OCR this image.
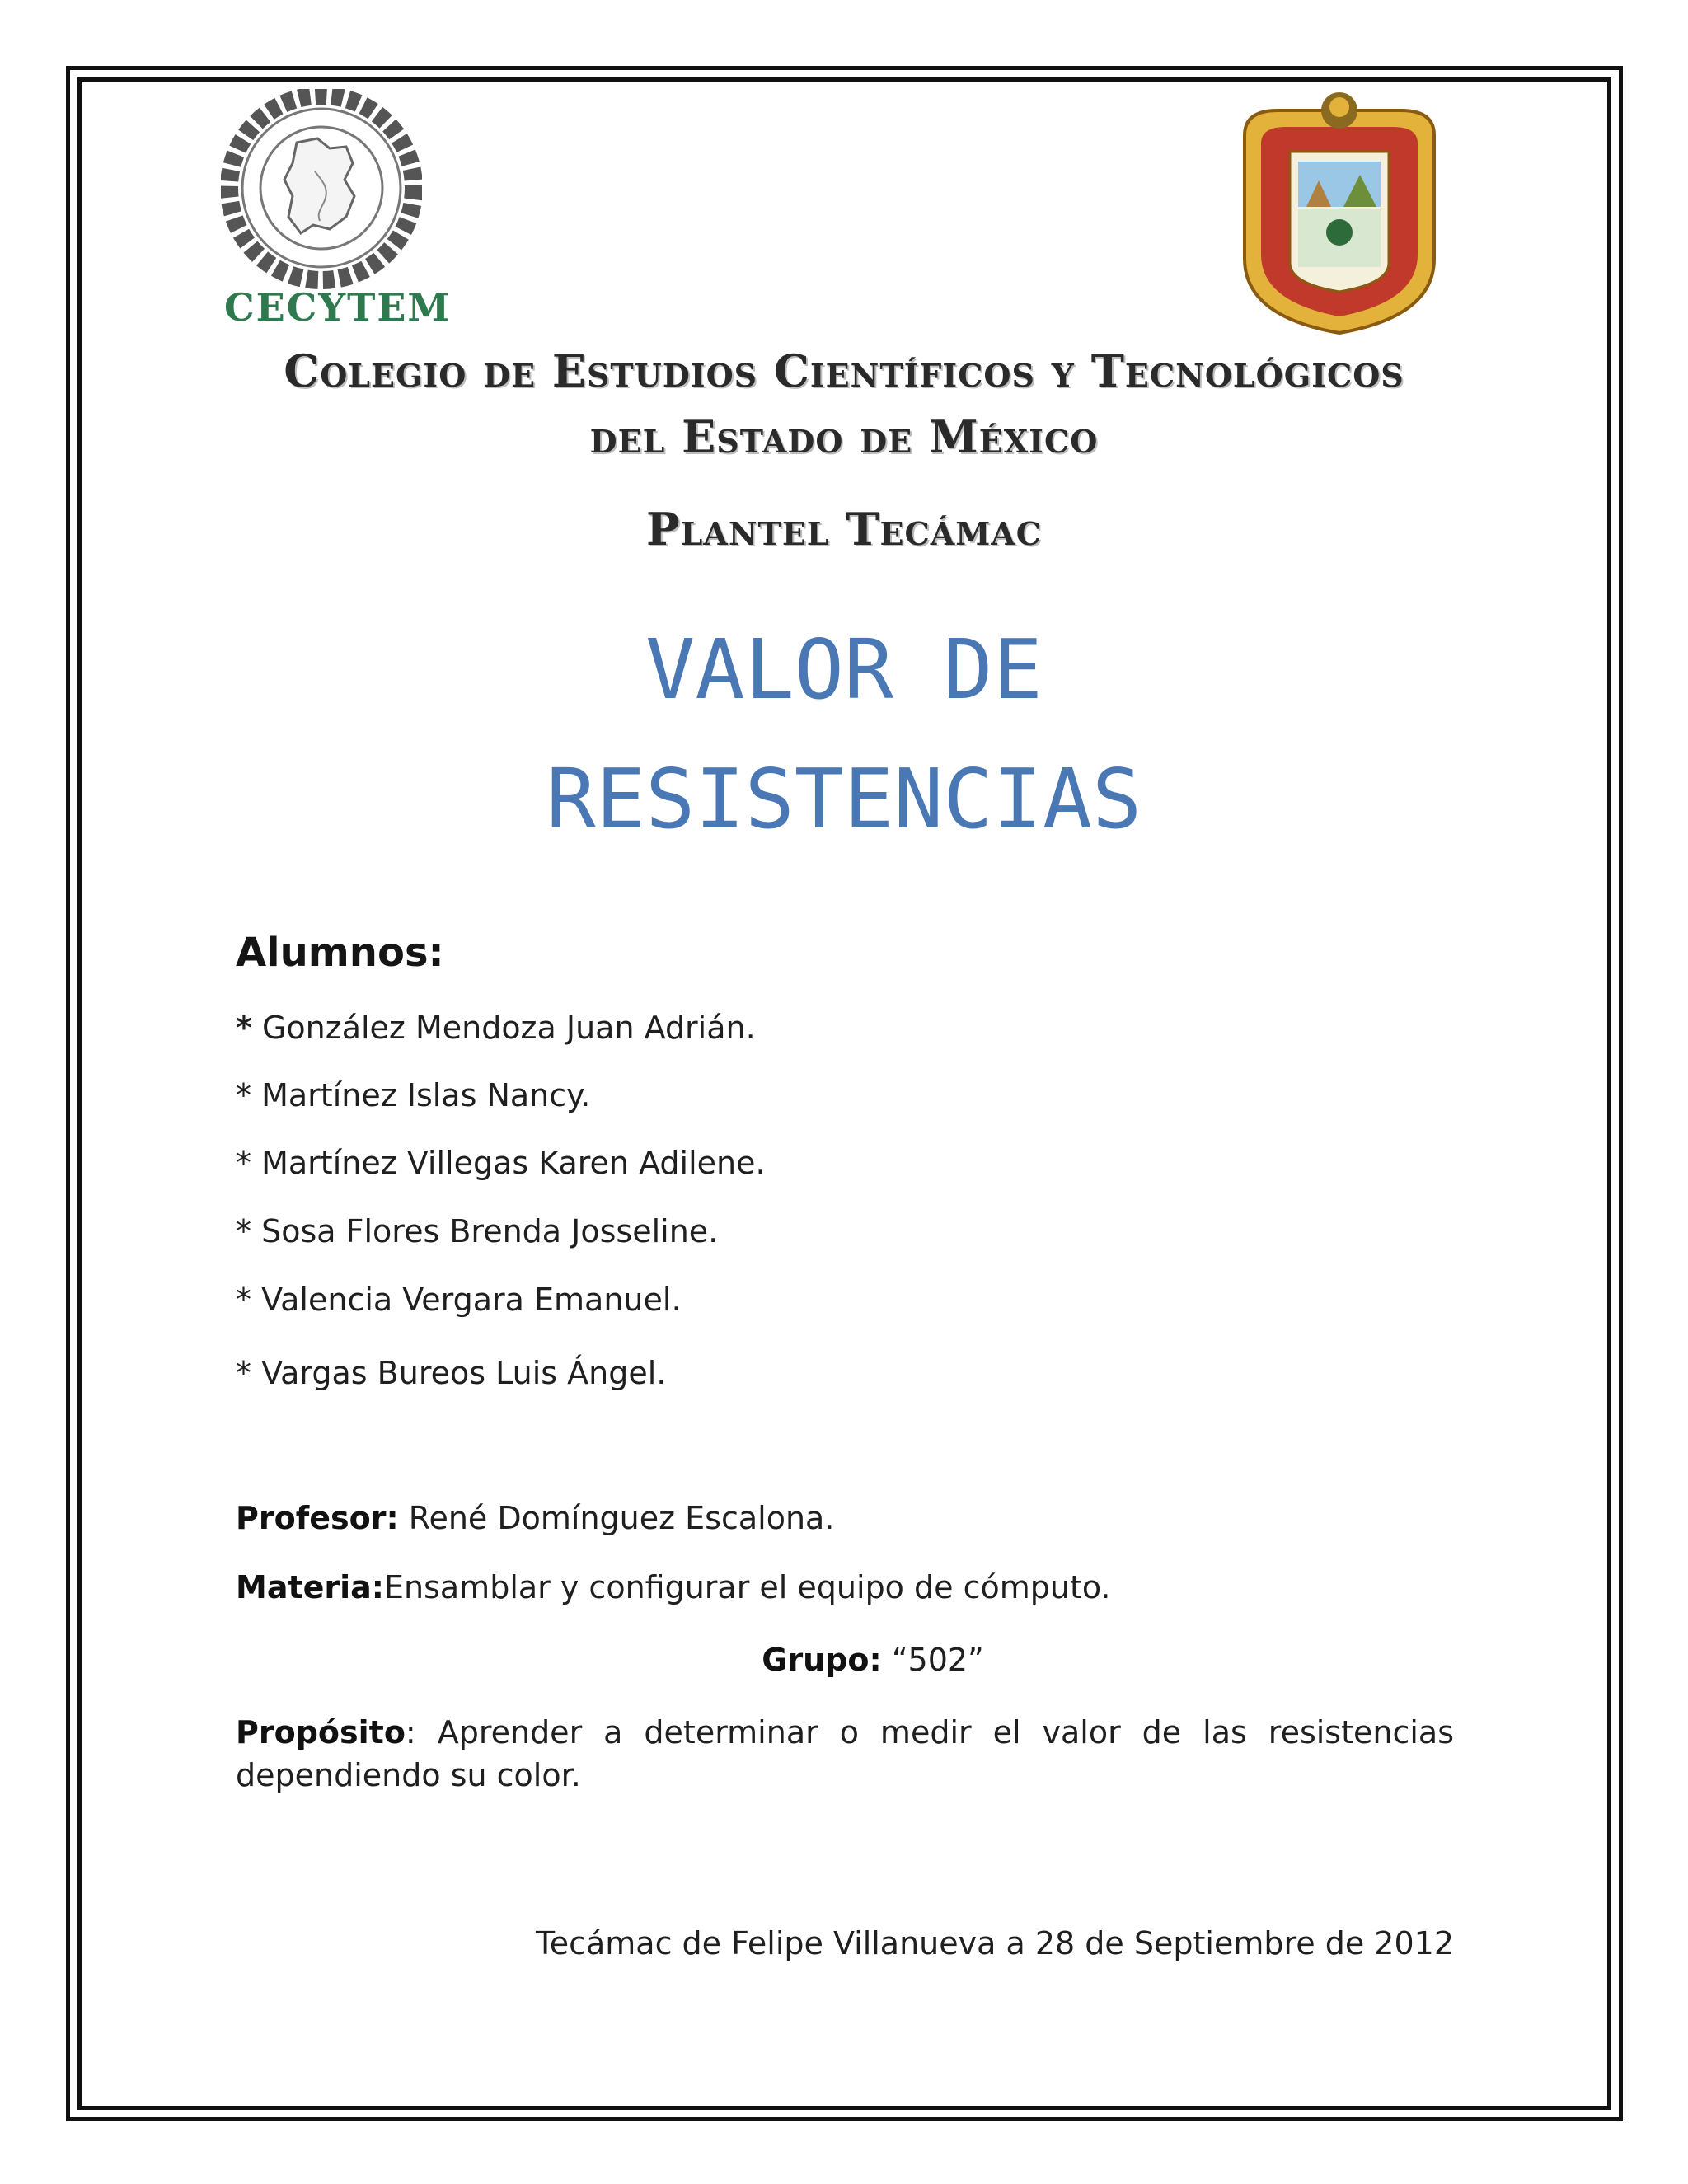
CECYTEM
Colegio de Estudios Científicos y Tecnológicos
del Estado de México
Plantel Tecámac
VALOR DE
RESISTENCIAS
Alumnos:
* González Mendoza Juan Adrián.
* Martínez Islas Nancy.
* Martínez Villegas Karen Adilene.
* Sosa Flores Brenda Josseline.
* Valencia Vergara Emanuel.
* Vargas Bureos Luis Ángel.
Profesor: René Domínguez Escalona.
Materia:Ensamblar y configurar el equipo de cómputo.
Grupo: “502”
Propósito: Aprender a determinar o medir el valor de las resistencias
dependiendo su color.
Tecámac de Felipe Villanueva a 28 de Septiembre de 2012
